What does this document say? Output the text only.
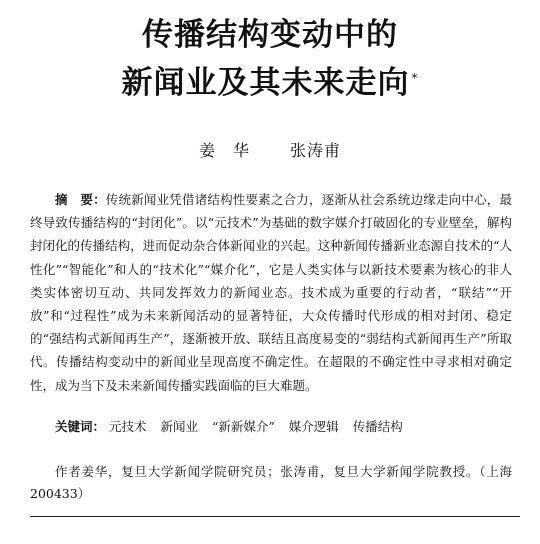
传播结构变动中的
新闻业及其未来走向 *
姜　华	张涛甫
摘　要：传统新闻业凭借诸结构性要素之合力，逐渐从社会系统边缘走向中心，最终导致传播结构的“封闭化”。以“元技术”为基础的数字媒介打破固化的专业壁垒，解构封闭化的传播结构，进而促动杂合体新闻业的兴起。这种新闻传播新业态源自技术的“人性化”“智能化”和人的“技术化”“媒介化”，它是人类实体与以新技术要素为核心的非人类实体密切互动、共同发挥效力的新闻业态。技术成为重要的行动者，“联结”“开放”和“过程性”成为未来新闻活动的显著特征，大众传播时代形成的相对封闭、稳定的“强结构式新闻再生产”，逐渐被开放、联结且高度易变的“弱结构式新闻再生产”所取代。传播结构变动中的新闻业呈现高度不确定性。在超限的不确定性中寻求相对确定性，成为当下及未来新闻传播实践面临的巨大难题。
关键词： 元技术 新闻业 “新新媒介” 媒介逻辑 传播结构
作者姜华，复旦大学新闻学院研究员；张涛甫，复旦大学新闻学院教授。（上海　200433）
